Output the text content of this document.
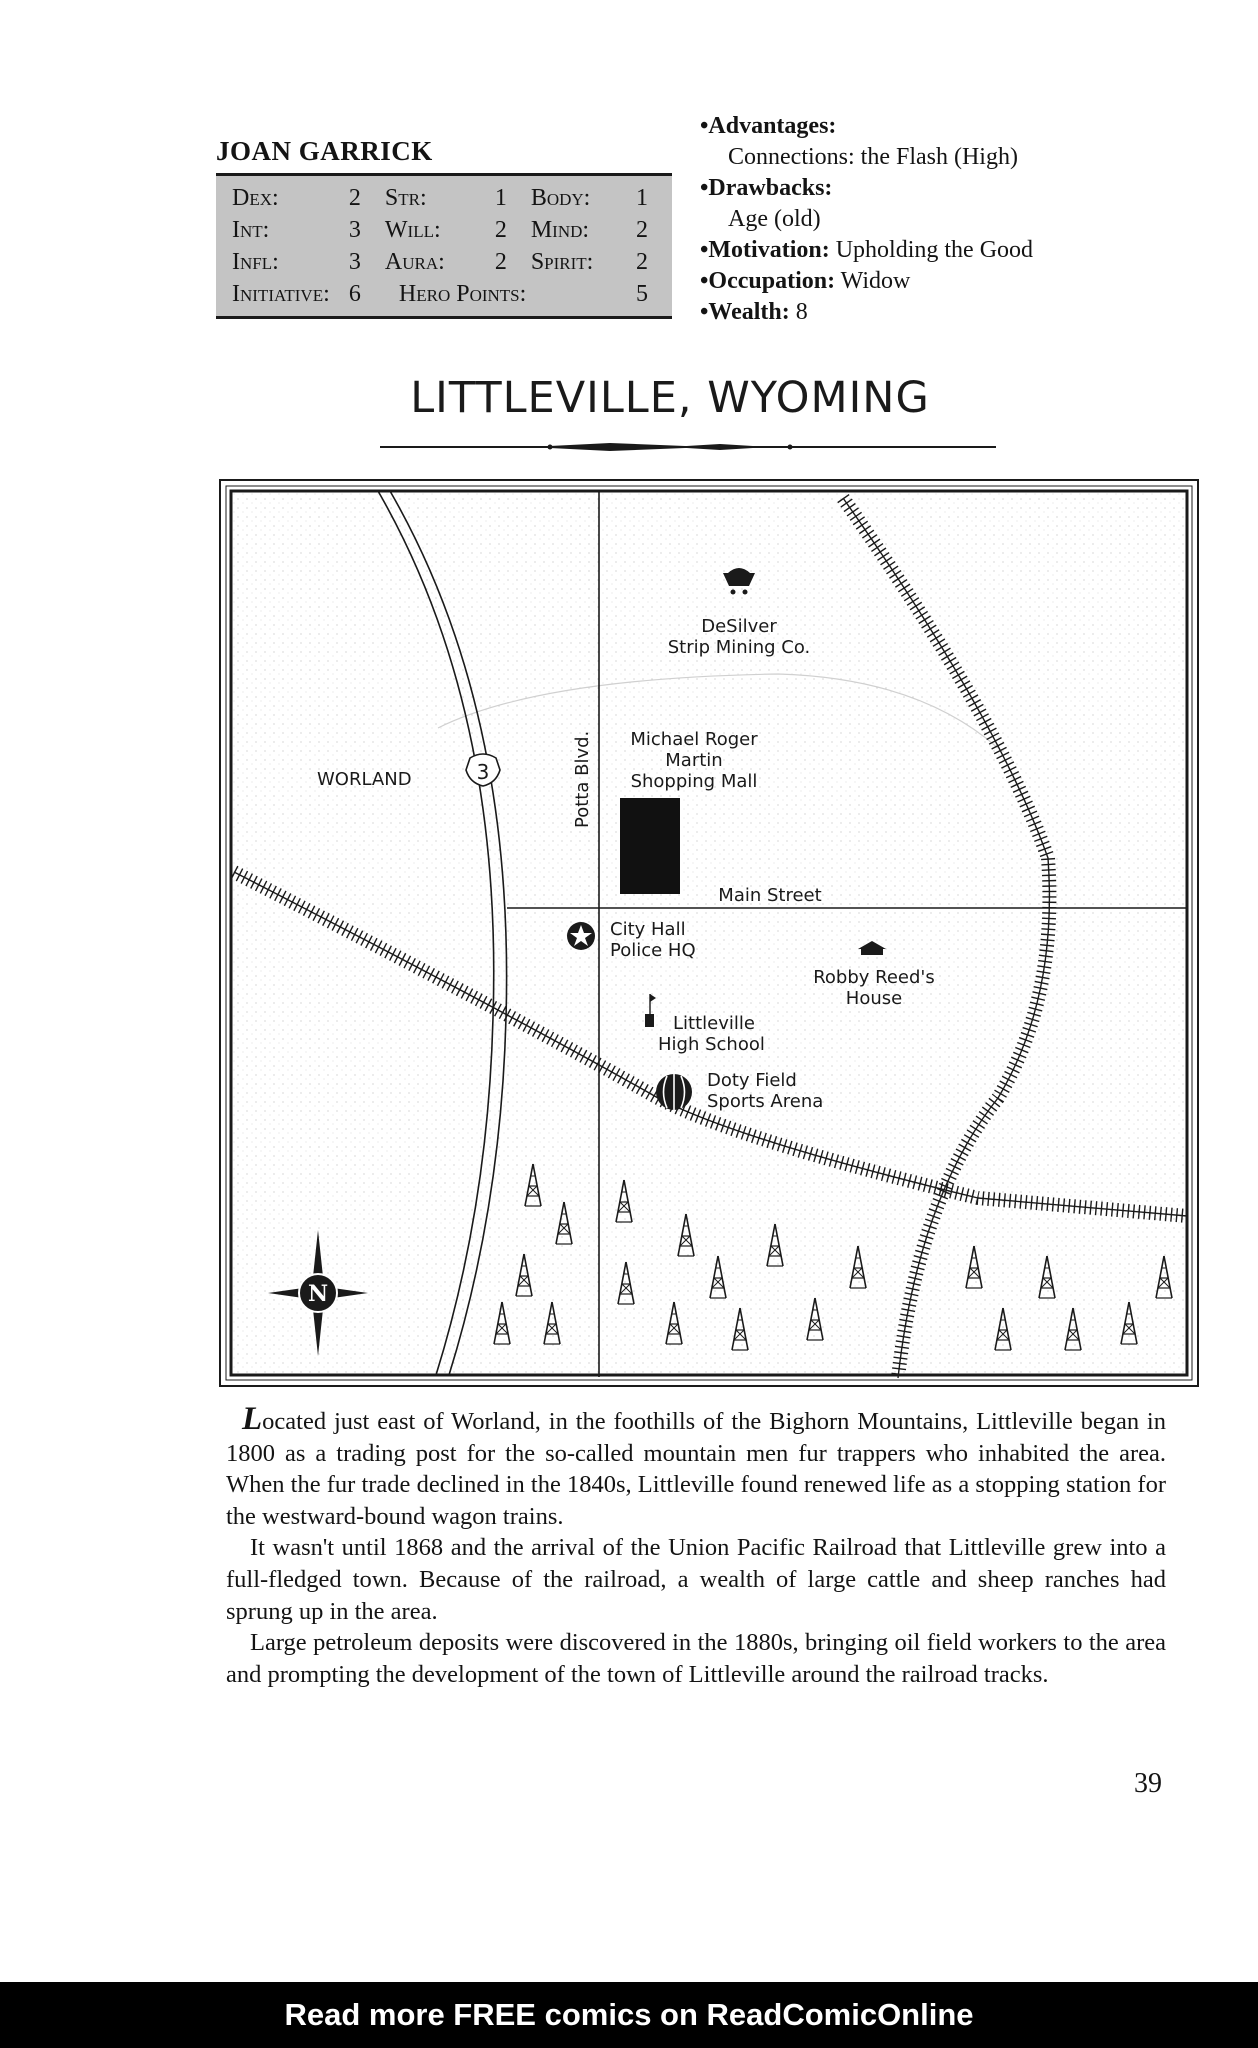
JOAN GARRICK
Dex:	2	Str:	1	Body:	1
Int:	3	Will:	2	Mind:	2
Infl:	3	Aura:	2	Spirit:	2
Initiative:	6	Hero Points:			5
•Advantages:
Connections: the Flash (High)
•Drawbacks:
Age (old)
•Motivation: Upholding the Good
•Occupation: Widow
•Wealth: 8
LITTLEVILLE, WYOMING
DeSilver
Strip Mining Co.
Michael Roger
Martin
Shopping Mall
WORLAND	3	Potta Blvd.
Main Street
City Hall
Police HQ
Robby Reed's
House
Littleville
High School
Doty Field
Sports Arena
N

Located just east of Worland, in the foothills of the Bighorn Mountains, Littleville began in 1800 as a trading post for the so-called mountain men fur trappers who inhabited the area. When the fur trade declined in the 1840s, Littleville found renewed life as a stopping station for the westward-bound wagon trains.

It wasn't until 1868 and the arrival of the Union Pacific Railroad that Littleville grew into a full-fledged town. Because of the railroad, a wealth of large cattle and sheep ranches had sprung up in the area.

Large petroleum deposits were discovered in the 1880s, bringing oil field workers to the area and prompting the development of the town of Littleville around the railroad tracks.

39
Read more FREE comics on ReadComicOnline
